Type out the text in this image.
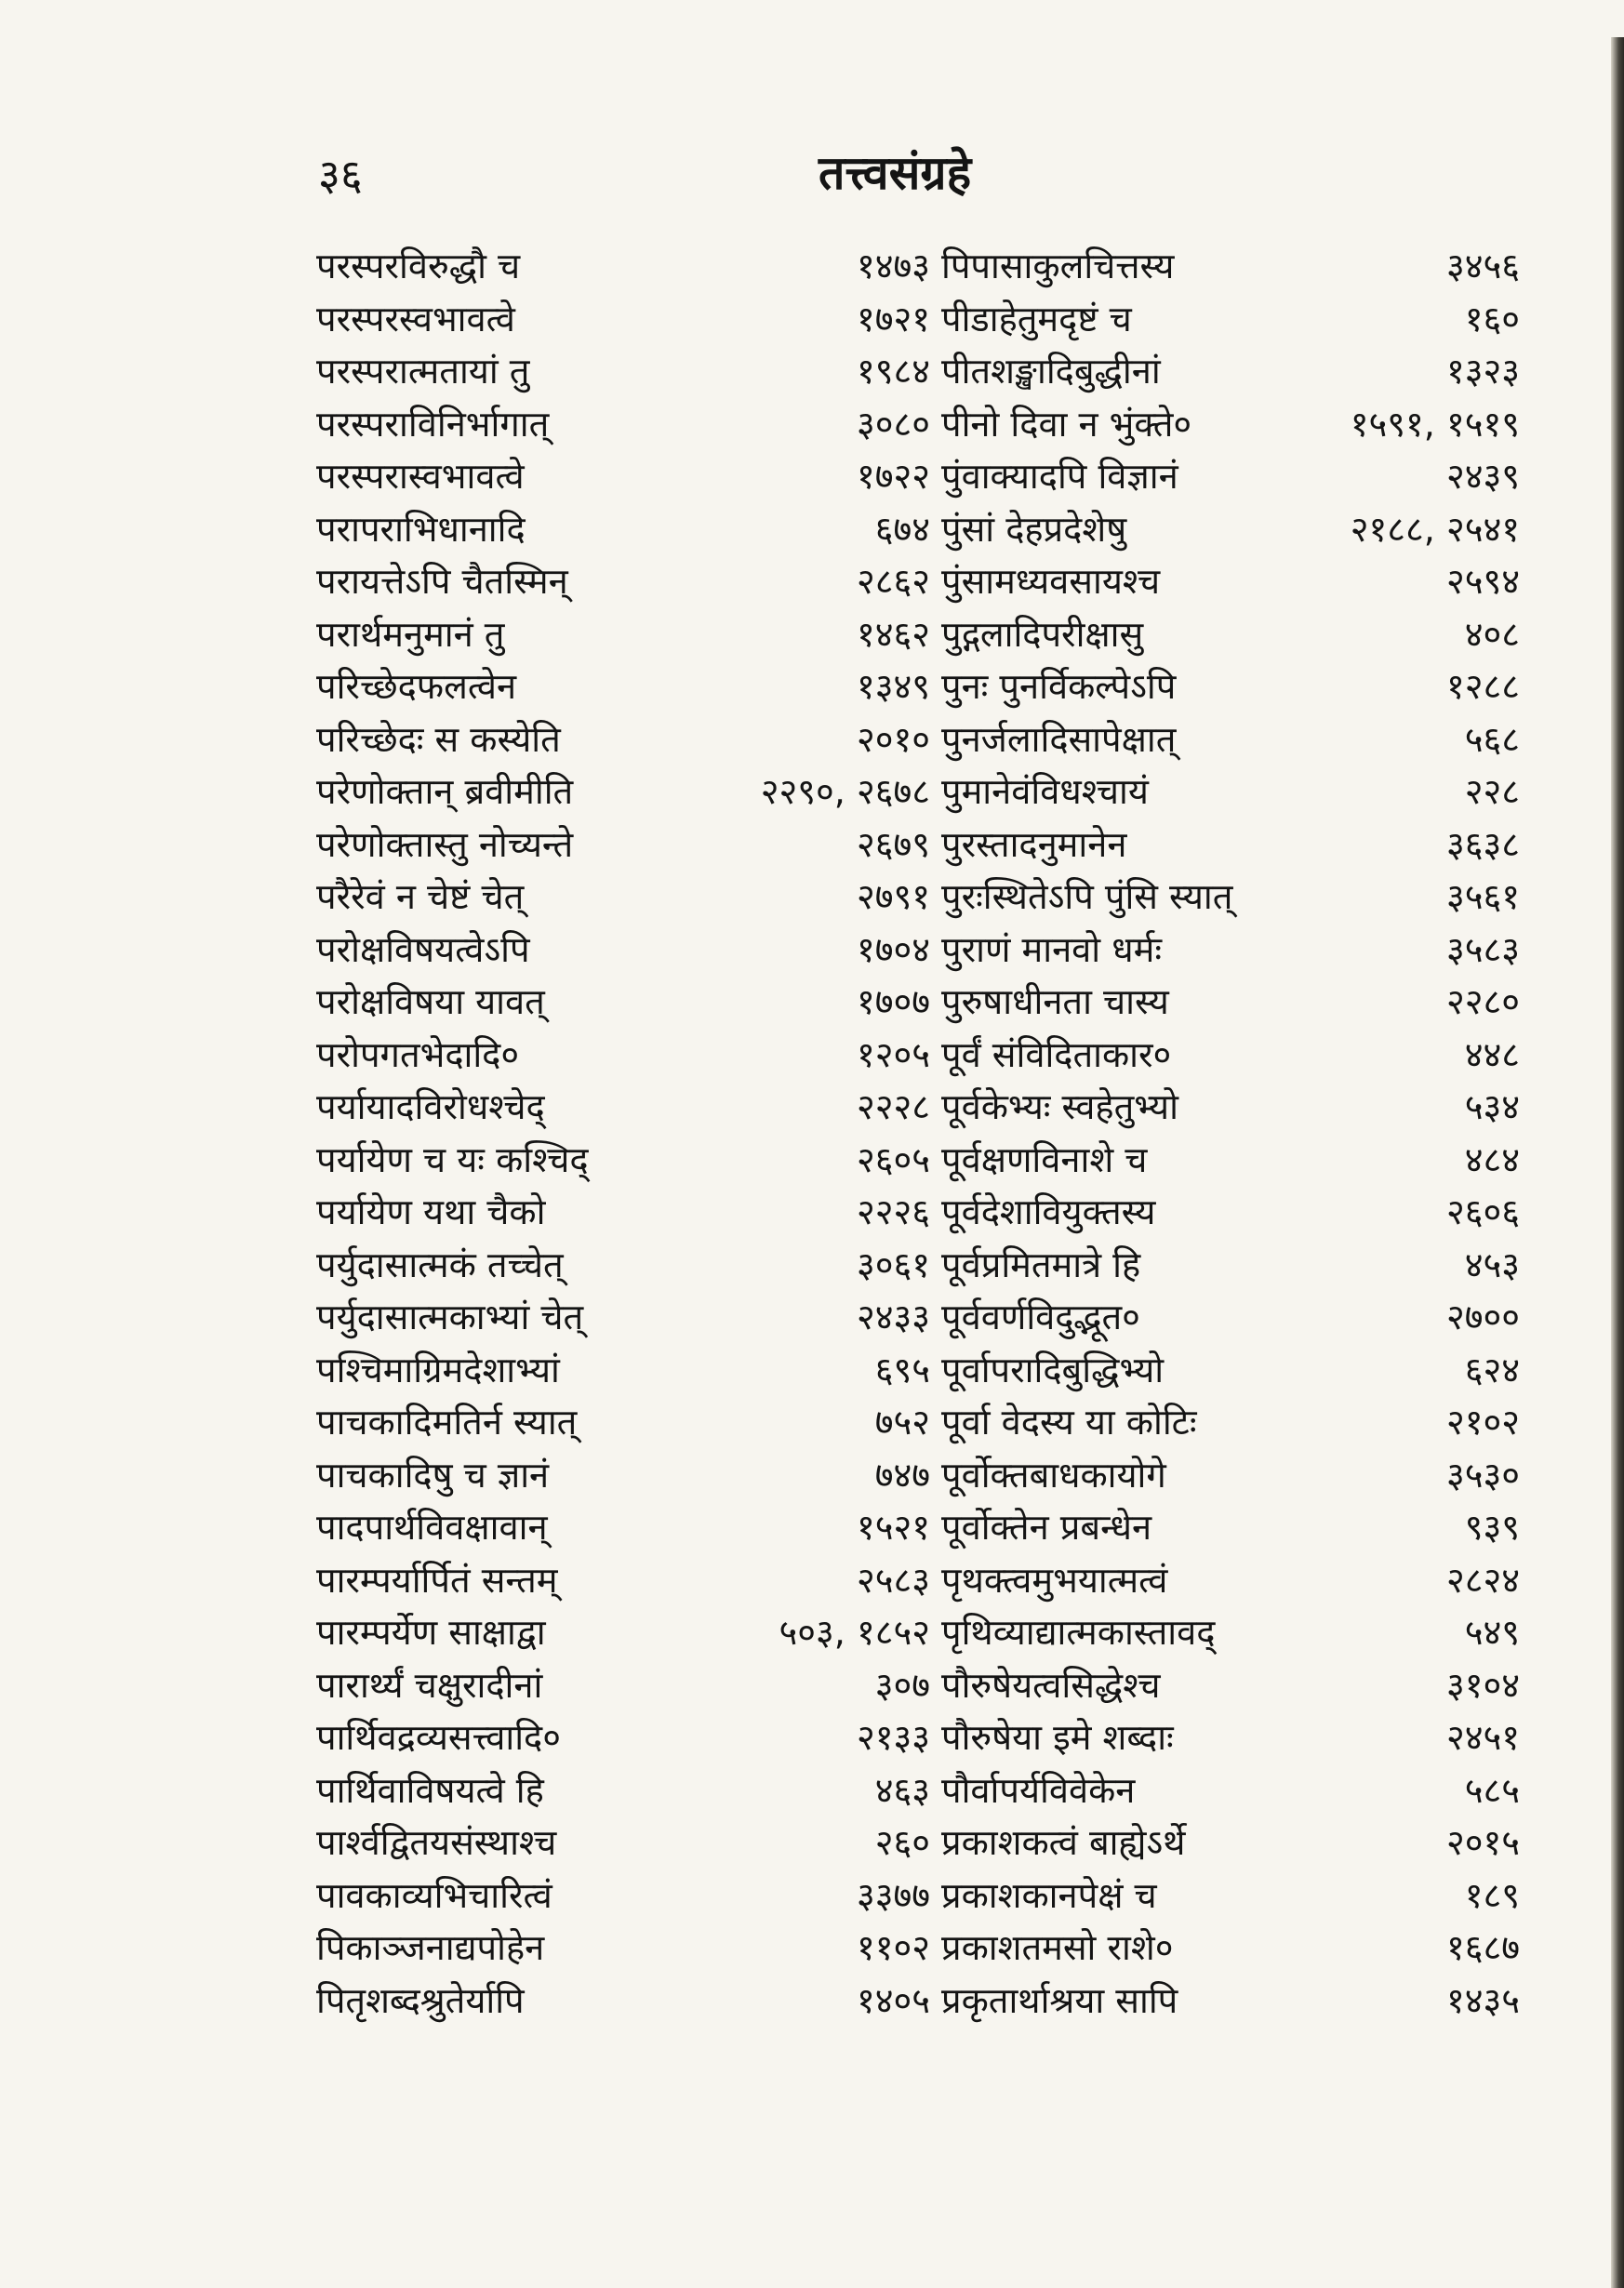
३६	तत्त्वसंग्रहे
परस्परविरुद्धौ च	१४७३
परस्परस्वभावत्वे	१७२१
परस्परात्मतायां तु	१९८४
परस्पराविनिर्भागात्	३०८०
परस्परास्वभावत्वे	१७२२
परापराभिधानादि	६७४
परायत्तेऽपि चैतस्मिन्	२८६२
परार्थमनुमानं तु	१४६२
परिच्छेदफलत्वेन	१३४९
परिच्छेदः स कस्येति	२०१०
परेणोक्तान् ब्रवीमीति	२२९०, २६७८
परेणोक्तास्तु नोच्यन्ते	२६७९
परैरेवं न चेष्टं चेत्	२७९१
परोक्षविषयत्वेऽपि	१७०४
परोक्षविषया यावत्	१७०७
परोपगतभेदादि०	१२०५
पर्यायादविरोधश्चेद्	२२२८
पर्यायेण च यः कश्चिद्	२६०५
पर्यायेण यथा चैको	२२२६
पर्युदासात्मकं तच्चेत्	३०६१
पर्युदासात्मकाभ्यां चेत्	२४३३
पश्चिमाग्रिमदेशाभ्यां	६९५
पाचकादिमतिर्न स्यात्	७५२
पाचकादिषु च ज्ञानं	७४७
पादपार्थविवक्षावान्	१५२१
पारम्पर्यार्पितं सन्तम्	२५८३
पारम्पर्येण साक्षाद्वा	५०३, १८५२
पारार्थ्यं चक्षुरादीनां	३०७
पार्थिवद्रव्यसत्त्वादि०	२१३३
पार्थिवाविषयत्वे हि	४६३
पार्श्वद्वितयसंस्थाश्च	२६०
पावकाव्यभिचारित्वं	३३७७
पिकाञ्जनाद्यपोहेन	११०२
पितृशब्दश्रुतेर्यापि	१४०५
पिपासाकुलचित्तस्य	३४५६
पीडाहेतुमदृष्टं च	१६०
पीतशङ्खादिबुद्धीनां	१३२३
पीनो दिवा न भुंक्ते०	१५९१, १५१९
पुंवाक्यादपि विज्ञानं	२४३९
पुंसां देहप्रदेशेषु	२१८८, २५४१
पुंसामध्यवसायश्च	२५९४
पुद्गलादिपरीक्षासु	४०८
पुनः पुनर्विकल्पेऽपि	१२८८
पुनर्जलादिसापेक्षात्	५६८
पुमानेवंविधश्चायं	२२८
पुरस्तादनुमानेन	३६३८
पुरःस्थितेऽपि पुंसि स्यात्	३५६१
पुराणं मानवो धर्मः	३५८३
पुरुषाधीनता चास्य	२२८०
पूर्वं संविदिताकार०	४४८
पूर्वकेभ्यः स्वहेतुभ्यो	५३४
पूर्वक्षणविनाशे च	४८४
पूर्वदेशावियुक्तस्य	२६०६
पूर्वप्रमितमात्रे हि	४५३
पूर्ववर्णविदुद्भूत०	२७००
पूर्वापरादिबुद्धिभ्यो	६२४
पूर्वा वेदस्य या कोटिः	२१०२
पूर्वोक्तबाधकायोगे	३५३०
पूर्वोक्तेन प्रबन्धेन	९३९
पृथक्त्वमुभयात्मत्वं	२८२४
पृथिव्याद्यात्मकास्तावद्	५४९
पौरुषेयत्वसिद्धेश्च	३१०४
पौरुषेया इमे शब्दाः	२४५१
पौर्वापर्यविवेकेन	५८५
प्रकाशकत्वं बाह्येऽर्थे	२०१५
प्रकाशकानपेक्षं च	१८९
प्रकाशतमसो राशे०	१६८७
प्रकृतार्थाश्रया सापि	१४३५
